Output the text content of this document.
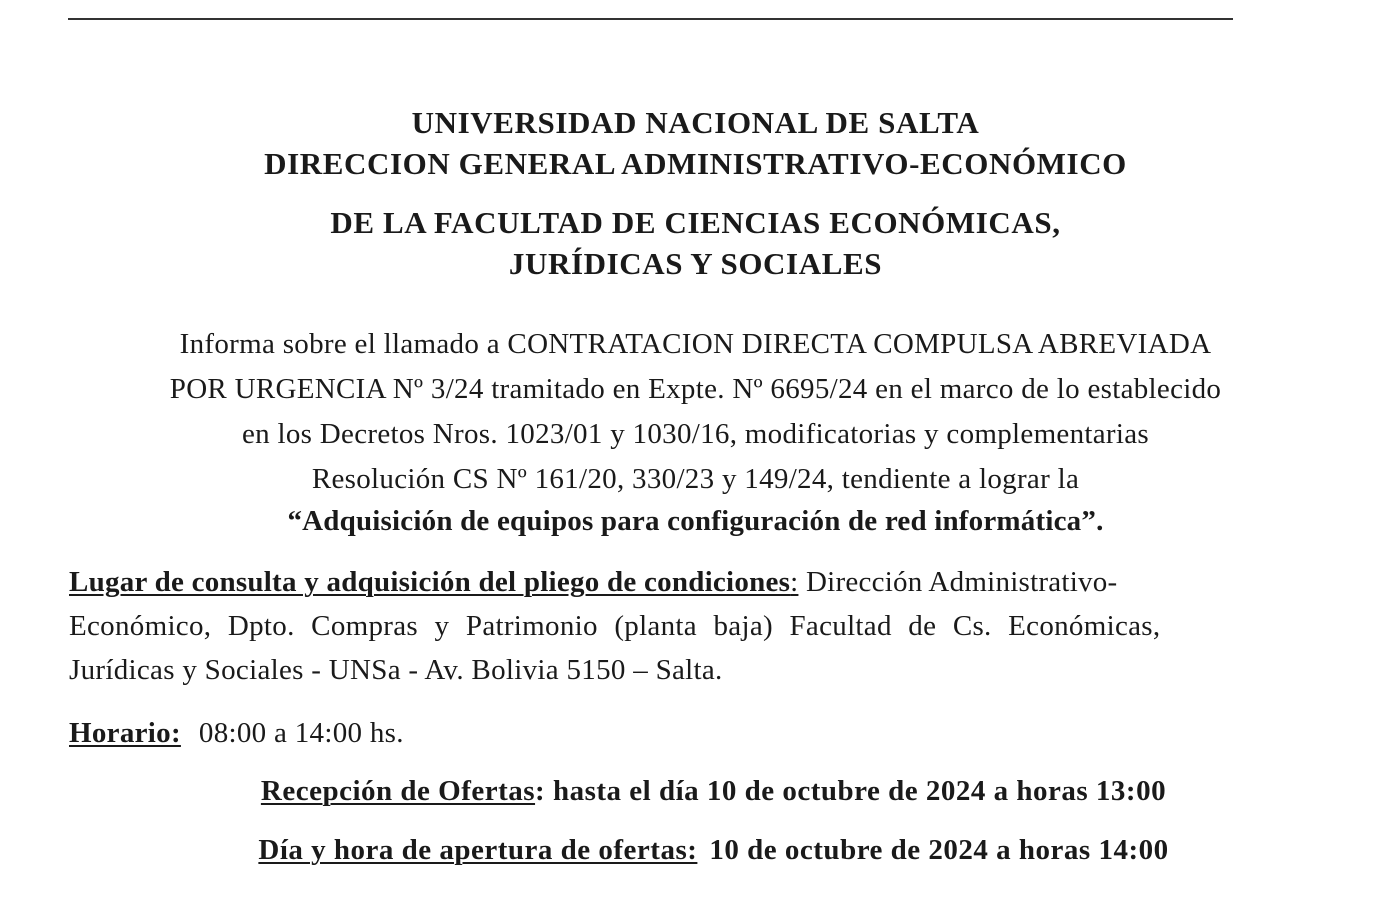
UNIVERSIDAD NACIONAL DE SALTA
DIRECCION GENERAL ADMINISTRATIVO-ECONÓMICO
DE LA FACULTAD DE CIENCIAS ECONÓMICAS,
JURÍDICAS Y SOCIALES
Informa sobre el llamado a CONTRATACION DIRECTA COMPULSA ABREVIADA
POR URGENCIA Nº 3/24 tramitado en Expte. Nº 6695/24 en el marco de lo establecido
en los Decretos Nros. 1023/01 y 1030/16, modificatorias y complementarias
Resolución CS Nº 161/20, 330/23 y 149/24, tendiente a lograr la
“Adquisición de equipos para configuración de red informática”.
Lugar de consulta y adquisición del pliego de condiciones: Dirección Administrativo-
Económico, Dpto. Compras y Patrimonio (planta baja) Facultad de Cs. Económicas,
Jurídicas y Sociales - UNSa - Av. Bolivia 5150 – Salta.
Horario: 08:00 a 14:00 hs.
Recepción de Ofertas: hasta el día 10 de octubre de 2024 a horas 13:00
Día y hora de apertura de ofertas: 10 de octubre de 2024 a horas 14:00
